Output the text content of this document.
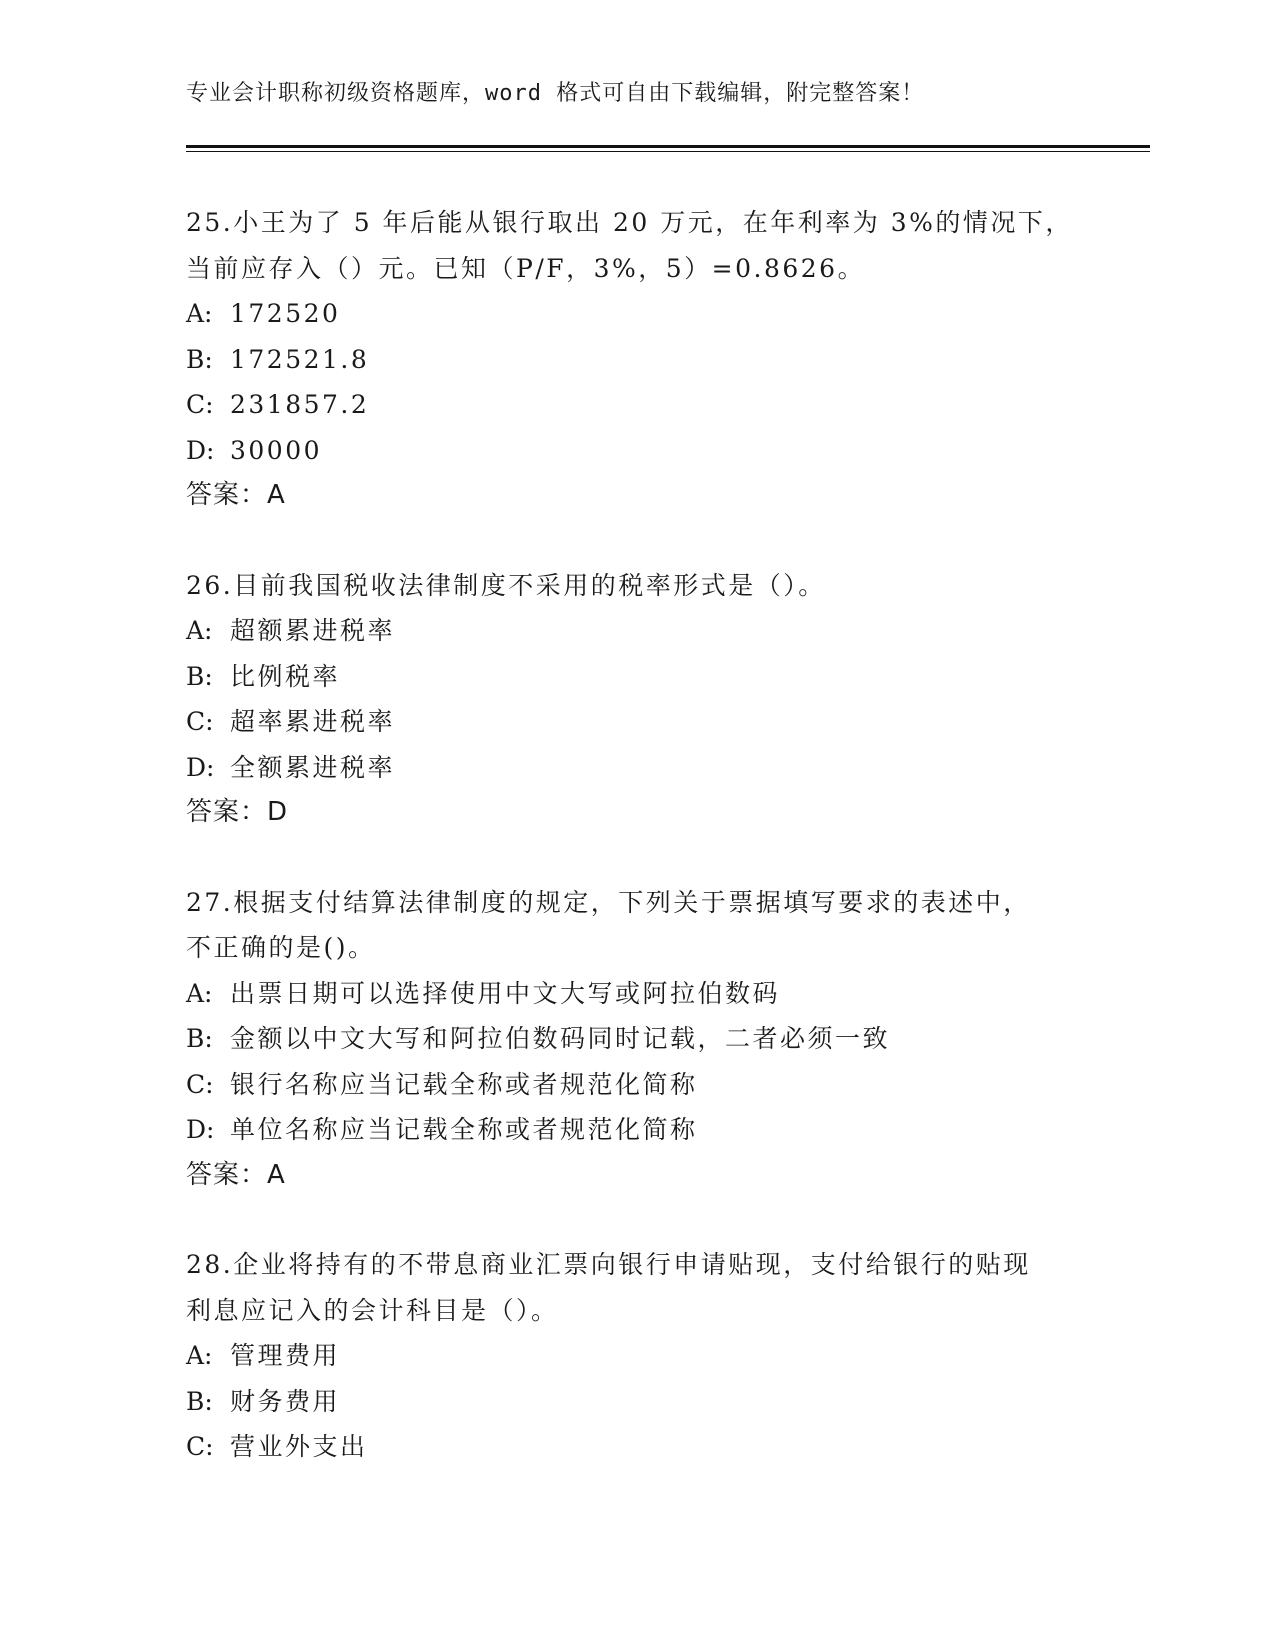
专业会计职称初级资格题库，word 格式可自由下载编辑，附完整答案！
25.小王为了 5 年后能从银行取出 20 万元，在年利率为 3%的情况下，
当前应存入（）元。已知（P/F，3%，5）=0.8626。
A: 172520
B: 172521.8
C: 231857.2
D: 30000
答案：A
26.目前我国税收法律制度不采用的税率形式是（）。
A: 超额累进税率
B: 比例税率
C: 超率累进税率
D: 全额累进税率
答案：D
27.根据支付结算法律制度的规定，下列关于票据填写要求的表述中，
不正确的是()。
A: 出票日期可以选择使用中文大写或阿拉伯数码
B: 金额以中文大写和阿拉伯数码同时记载，二者必须一致
C: 银行名称应当记载全称或者规范化简称
D: 单位名称应当记载全称或者规范化简称
答案：A
28.企业将持有的不带息商业汇票向银行申请贴现，支付给银行的贴现
利息应记入的会计科目是（）。
A: 管理费用
B: 财务费用
C: 营业外支出
